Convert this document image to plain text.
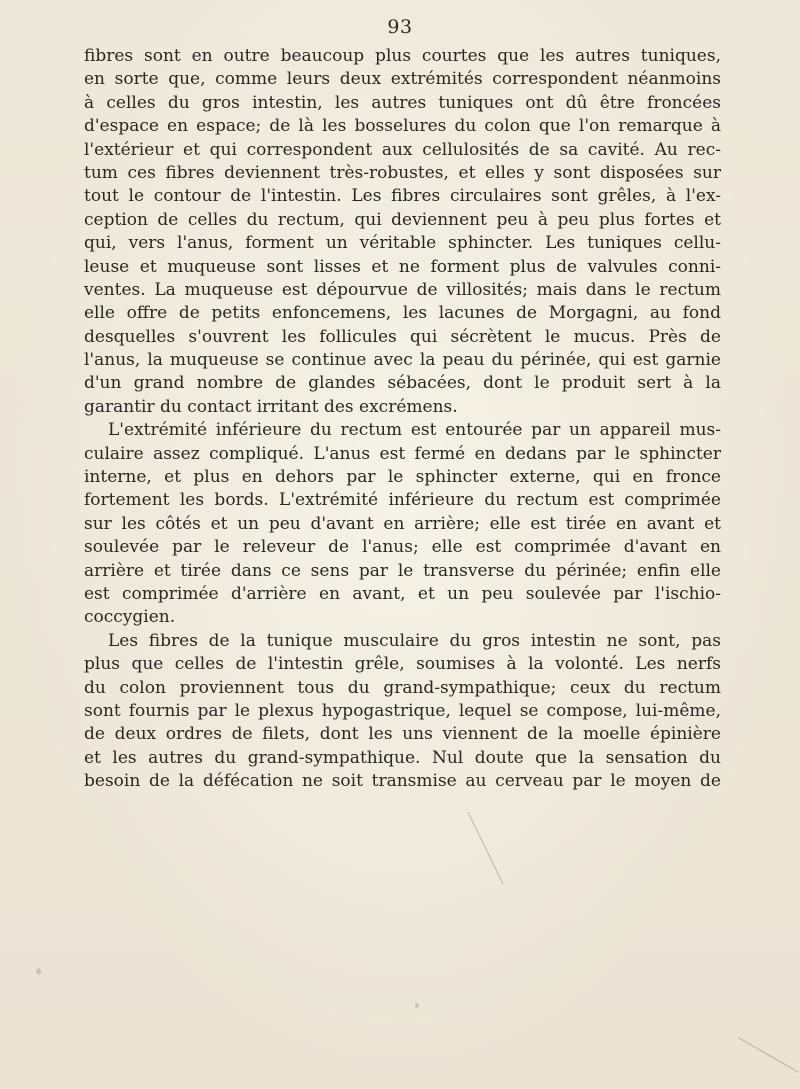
93
fibres sont en outre beaucoup plus courtes que les autres tuniques,
en sorte que, comme leurs deux extrémités correspondent néanmoins
à celles du gros intestin, les autres tuniques ont dû être froncées
d'espace en espace; de là les bosselures du colon que l'on remarque à
l'extérieur et qui correspondent aux cellulosités de sa cavité. Au rec-
tum ces fibres deviennent très-robustes, et elles y sont disposées sur
tout le contour de l'intestin. Les fibres circulaires sont grêles, à l'ex-
ception de celles du rectum, qui deviennent peu à peu plus fortes et
qui, vers l'anus, forment un véritable sphincter. Les tuniques cellu-
leuse et muqueuse sont lisses et ne forment plus de valvules conni-
ventes. La muqueuse est dépourvue de villosités; mais dans le rectum
elle offre de petits enfoncemens, les lacunes de Morgagni, au fond
desquelles s'ouvrent les follicules qui sécrètent le mucus. Près de
l'anus, la muqueuse se continue avec la peau du périnée, qui est garnie
d'un grand nombre de glandes sébacées, dont le produit sert à la
garantir du contact irritant des excrémens.
L'extrémité inférieure du rectum est entourée par un appareil mus-
culaire assez compliqué. L'anus est fermé en dedans par le sphincter
interne, et plus en dehors par le sphincter externe, qui en fronce
fortement les bords. L'extrémité inférieure du rectum est comprimée
sur les côtés et un peu d'avant en arrière; elle est tirée en avant et
soulevée par le releveur de l'anus; elle est comprimée d'avant en
arrière et tirée dans ce sens par le transverse du périnée; enfin elle
est comprimée d'arrière en avant, et un peu soulevée par l'ischio-
coccygien.
Les fibres de la tunique musculaire du gros intestin ne sont, pas
plus que celles de l'intestin grêle, soumises à la volonté. Les nerfs
du colon proviennent tous du grand-sympathique; ceux du rectum
sont fournis par le plexus hypogastrique, lequel se compose, lui-même,
de deux ordres de filets, dont les uns viennent de la moelle épinière
et les autres du grand-sympathique. Nul doute que la sensation du
besoin de la défécation ne soit transmise au cerveau par le moyen de
